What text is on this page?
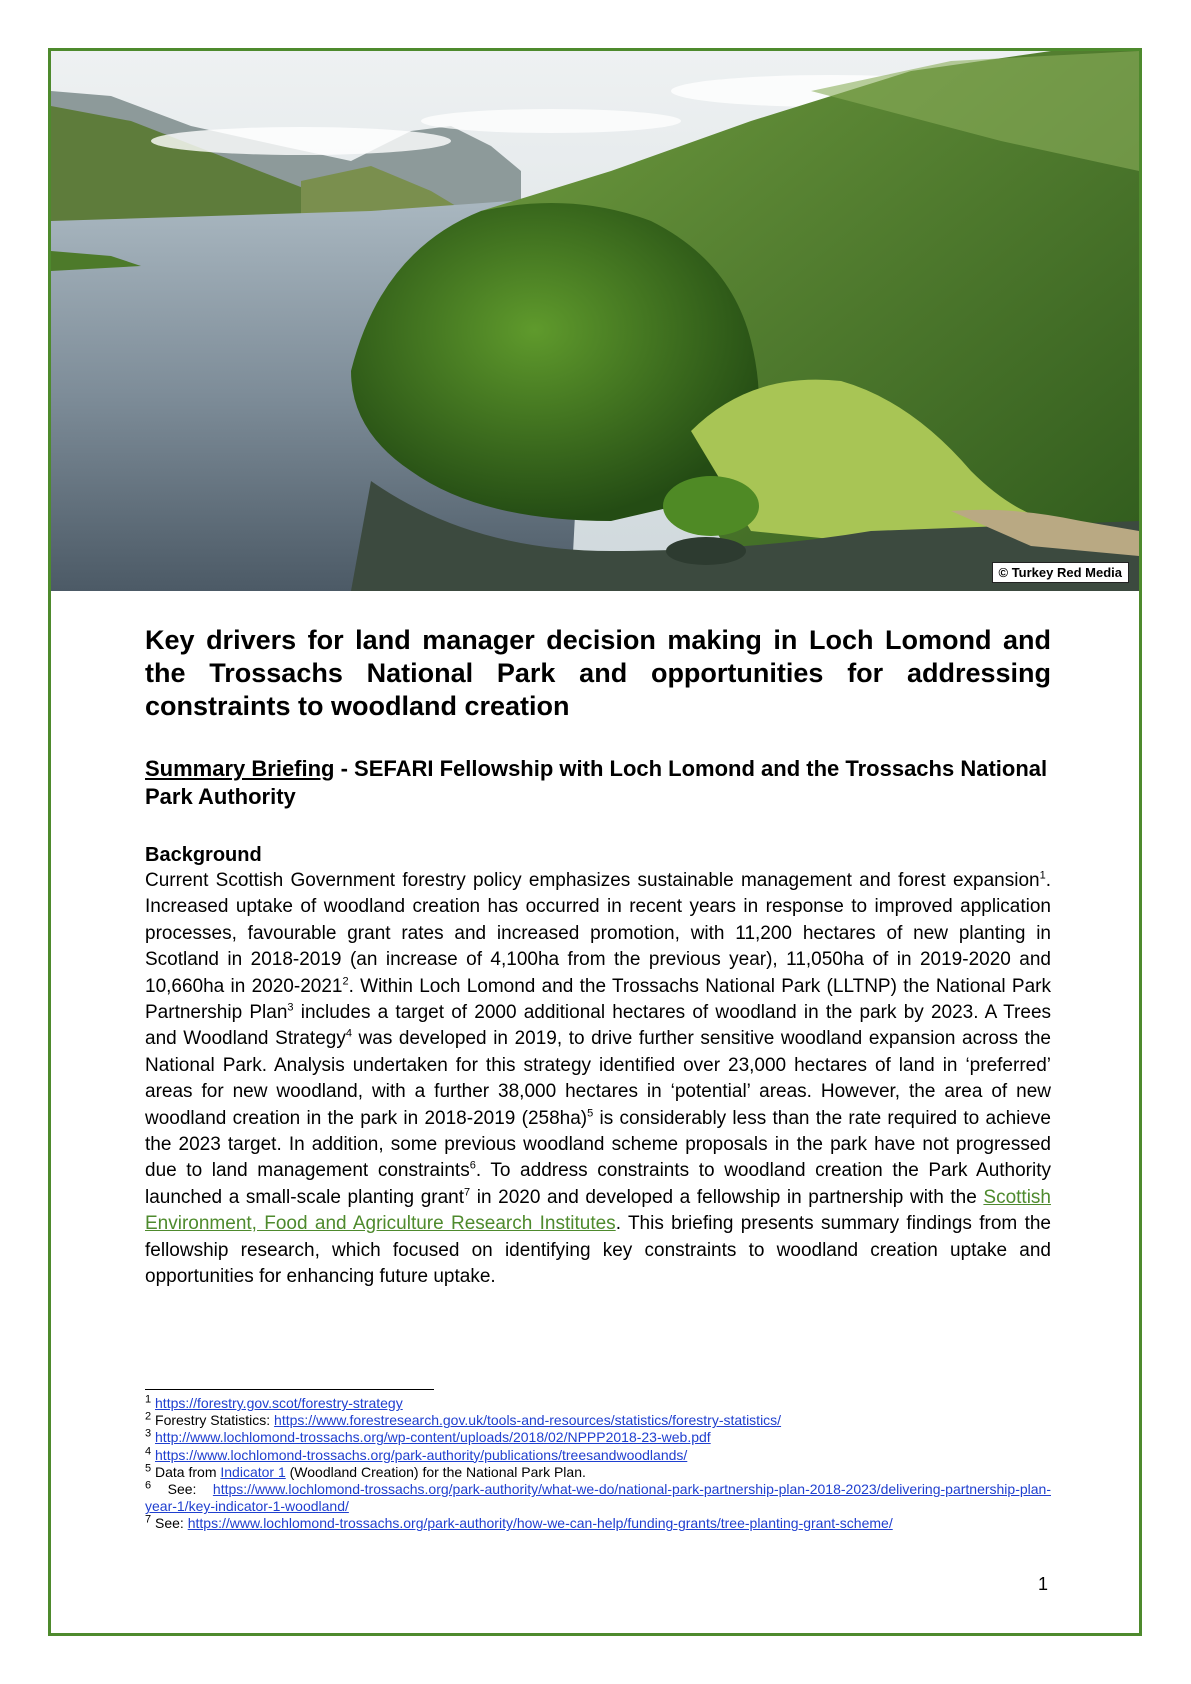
© Turkey Red Media
Key drivers for land manager decision making in Loch Lomond and the Trossachs National Park and opportunities for addressing constraints to woodland creation
Summary Briefing - SEFARI Fellowship with Loch Lomond and the Trossachs National Park Authority
Background

Current Scottish Government forestry policy emphasizes sustainable management and forest expansion$^1$. Increased uptake of woodland creation has occurred in recent years in response to improved application processes, favourable grant rates and increased promotion, with 11,200 hectares of new planting in Scotland in 2018-2019 (an increase of 4,100ha from the previous year), 11,050ha of in 2019-2020 and 10,660ha in 2020-2021$^2$. Within Loch Lomond and the Trossachs National Park (LLTNP) the National Park Partnership Plan$^3$ includes a target of 2000 additional hectares of woodland in the park by 2023. A Trees and Woodland Strategy$^4$ was developed in 2019, to drive further sensitive woodland expansion across the National Park. Analysis undertaken for this strategy identified over 23,000 hectares of land in ‘preferred’ areas for new woodland, with a further 38,000 hectares in ‘potential’ areas. However, the area of new woodland creation in the park in 2018-2019 $(258ha)^5$ is considerably less than the rate required to achieve the 2023 target. In addition, some previous woodland scheme proposals in the park have not progressed due to land management constraints$^6$. To address constraints to woodland creation the Park Authority launched a small-scale planting grant$^7$ in 2020 and developed a fellowship in partnership with the Scottish Environment, Food and Agriculture Research Institutes. This briefing presents summary findings from the fellowship research, which focused on identifying key constraints to woodland creation uptake and opportunities for enhancing future uptake.

$^1$ https://forestry.gov.scot/forestry-strategy

$^2$ Forestry Statistics: https://www.forestresearch.gov.uk/tools-and-resources/statistics/forestry-statistics/

$^3$ http://www.lochlomond-trossachs.org/wp-content/uploads/2018/02/NPPP2018-23-web.pdf

$^4$ https://www.lochlomond-trossachs.org/park-authority/publications/treesandwoodlands/

$^5$ Data from Indicator 1 (Woodland Creation) for the National Park Plan.

$^6$ See: https://www.lochlomond-trossachs.org/park-authority/what-we-do/national-park-partnership-plan-2018-2023/delivering-partnership-plan-year-1/key-indicator-1-woodland/

$^7$ See: https://www.lochlomond-trossachs.org/park-authority/how-we-can-help/funding-grants/tree-planting-grant-scheme/

1
